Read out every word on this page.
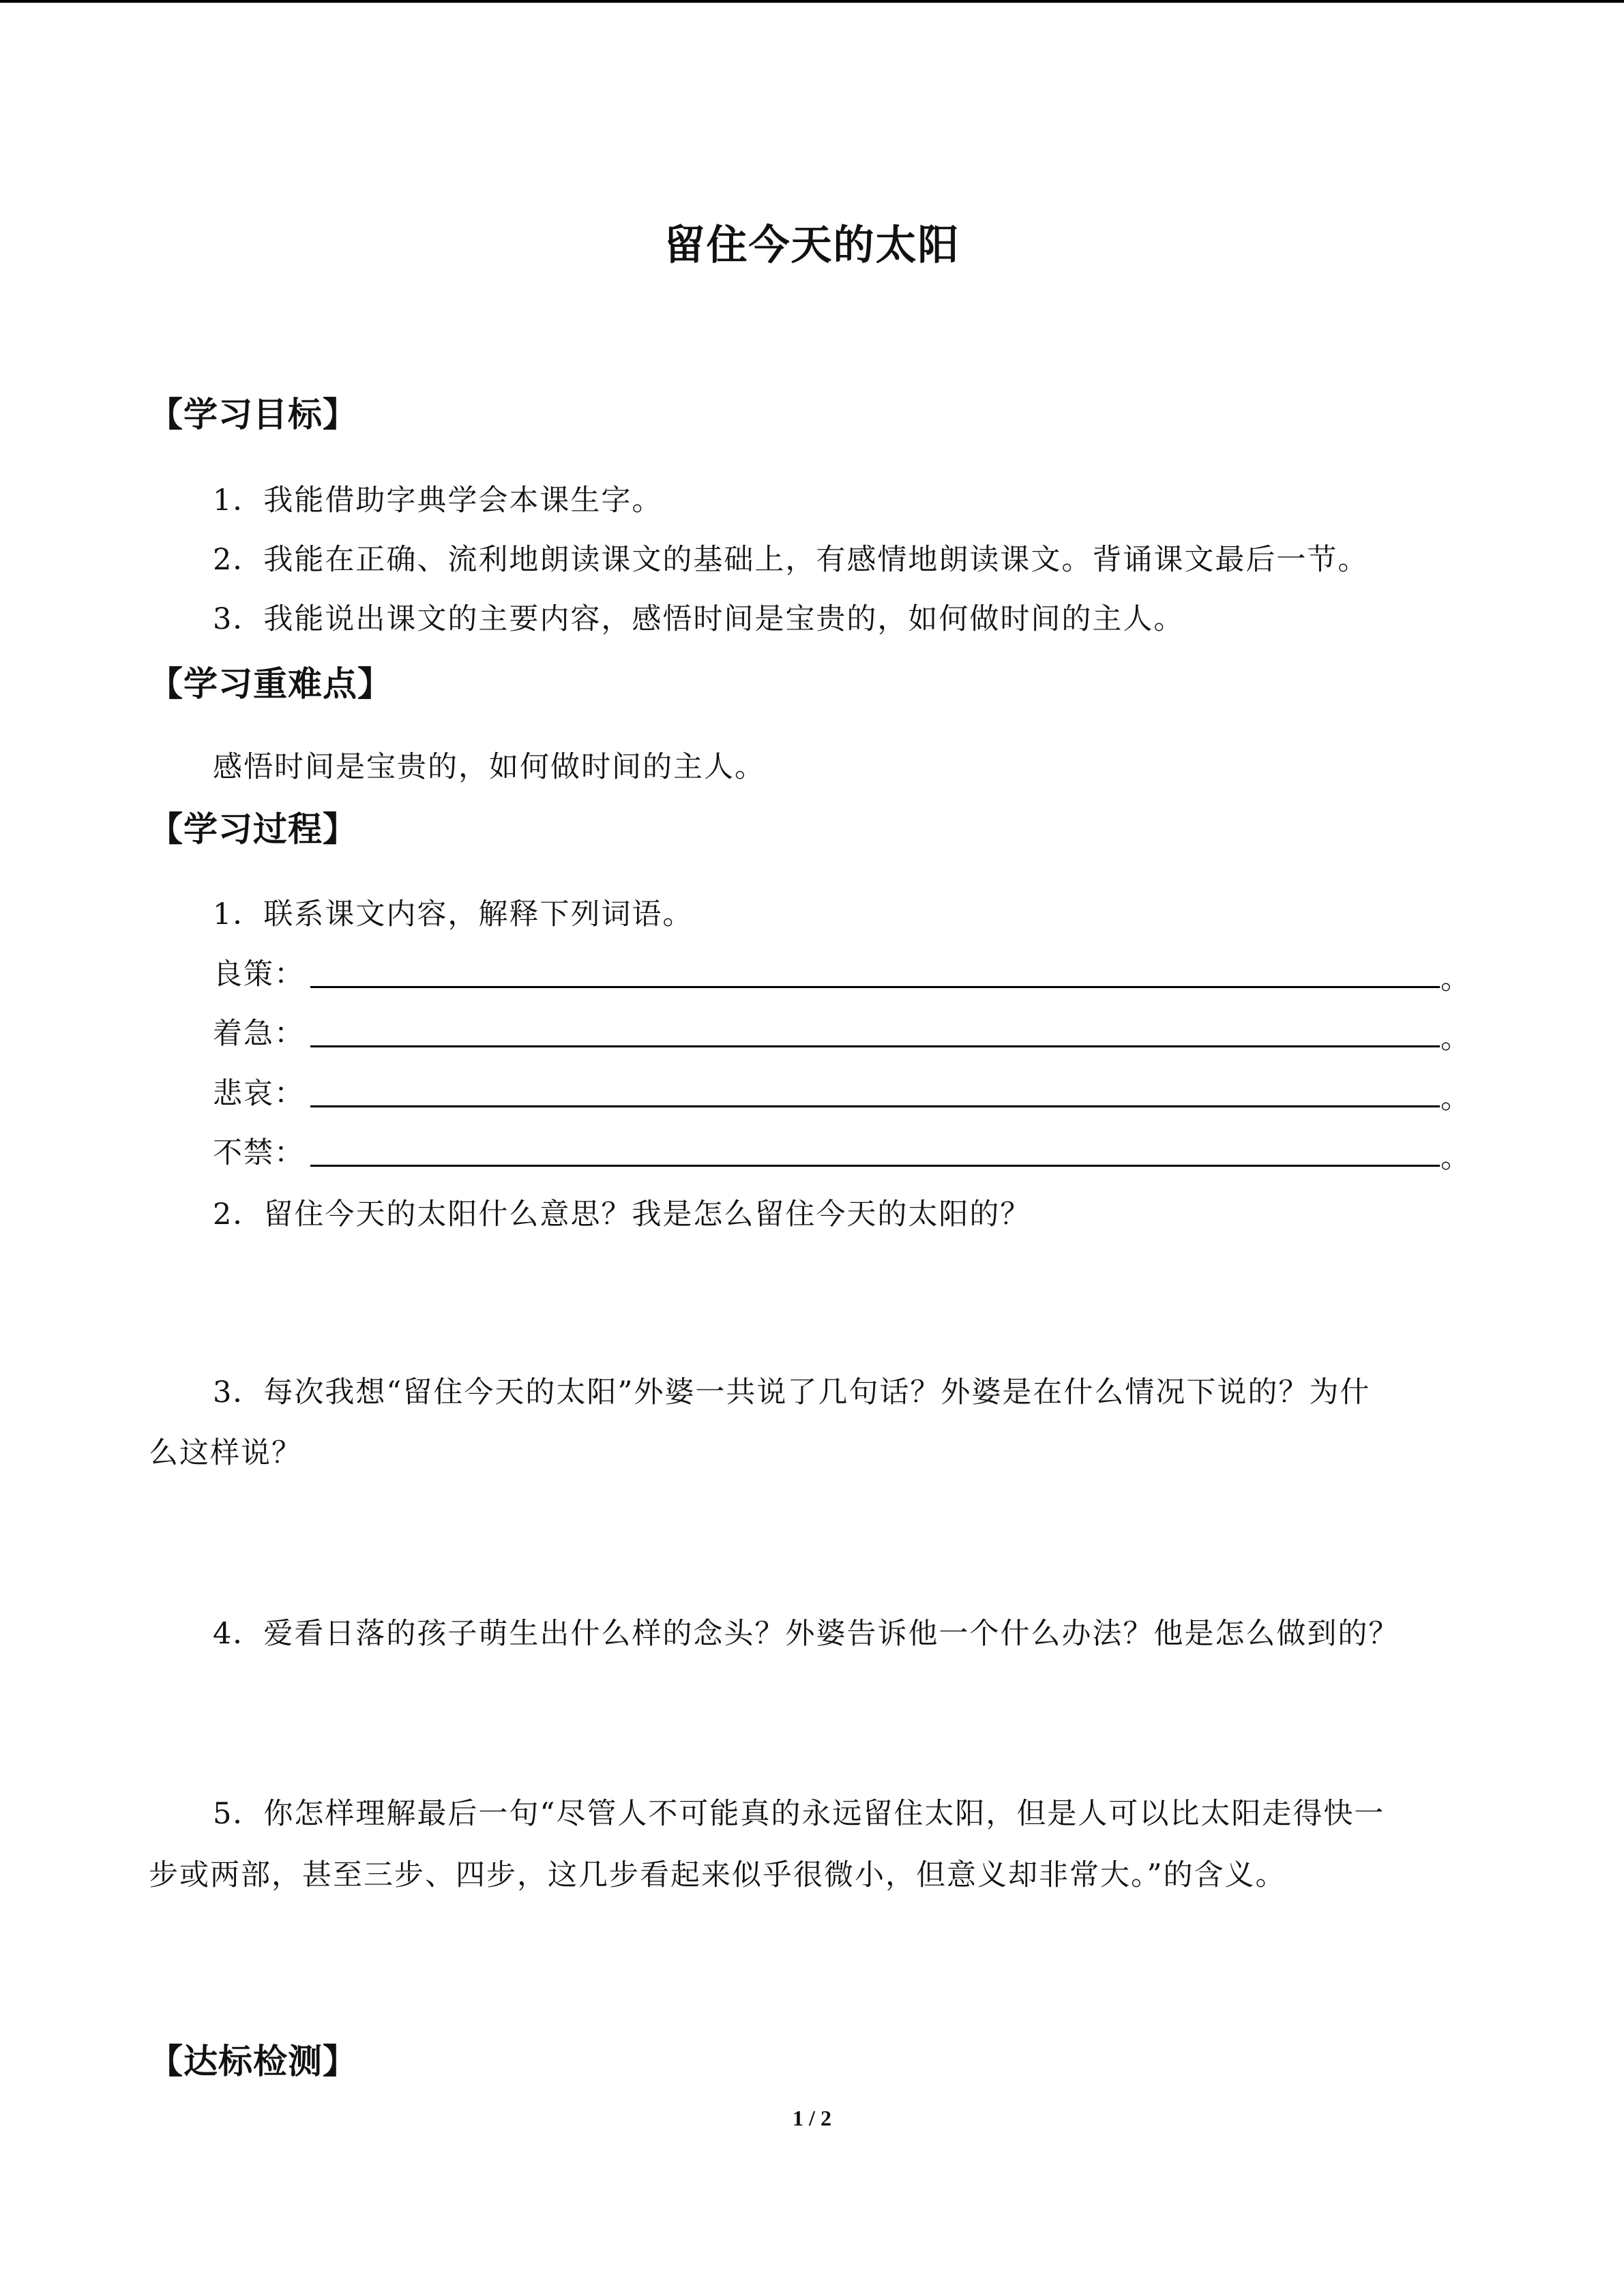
留住今天的太阳
【学习目标】
1．我能借助字典学会本课生字。
2．我能在正确、流利地朗读课文的基础上，有感情地朗读课文。背诵课文最后一节。
3．我能说出课文的主要内容，感悟时间是宝贵的，如何做时间的主人。
【学习重难点】
感悟时间是宝贵的，如何做时间的主人。
【学习过程】
1．联系课文内容，解释下列词语。
良策：	。
着急：	。
悲哀：	。
不禁：	。
2．留住今天的太阳什么意思？我是怎么留住今天的太阳的？
3．每次我想“留住今天的太阳”外婆一共说了几句话？外婆是在什么情况下说的？为什
么这样说？
4．爱看日落的孩子萌生出什么样的念头？外婆告诉他一个什么办法？他是怎么做到的？
5．你怎样理解最后一句“尽管人不可能真的永远留住太阳，但是人可以比太阳走得快一
步或两部，甚至三步、四步，这几步看起来似乎很微小，但意义却非常大。”的含义。
【达标检测】
1 / 2
